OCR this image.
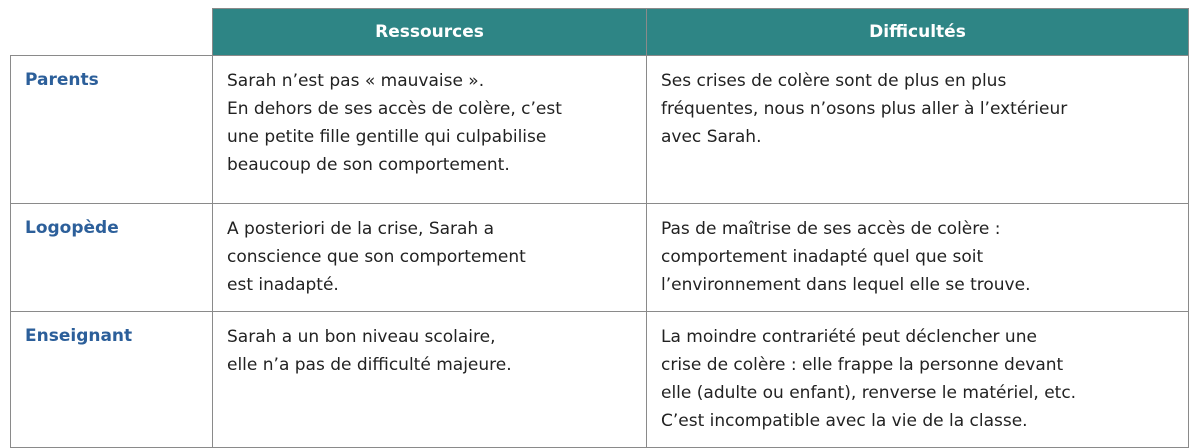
	Ressources	Difficultés
Parents	Sarah n’est pas « mauvaise ».
En dehors de ses accès de colère, c’est
une petite fille gentille qui culpabilise
beaucoup de son comportement.	Ses crises de colère sont de plus en plus
fréquentes, nous n’osons plus aller à l’extérieur
avec Sarah.

Logopède	A posteriori de la crise, Sarah a
conscience que son comportement
est inadapté.	Pas de maîtrise de ses accès de colère :
comportement inadapté quel que soit
l’environnement dans lequel elle se trouve.

Enseignant	Sarah a un bon niveau scolaire,
elle n’a pas de difficulté majeure.	La moindre contrariété peut déclencher une
crise de colère : elle frappe la personne devant
elle (adulte ou enfant), renverse le matériel, etc.
C’est incompatible avec la vie de la classe.
